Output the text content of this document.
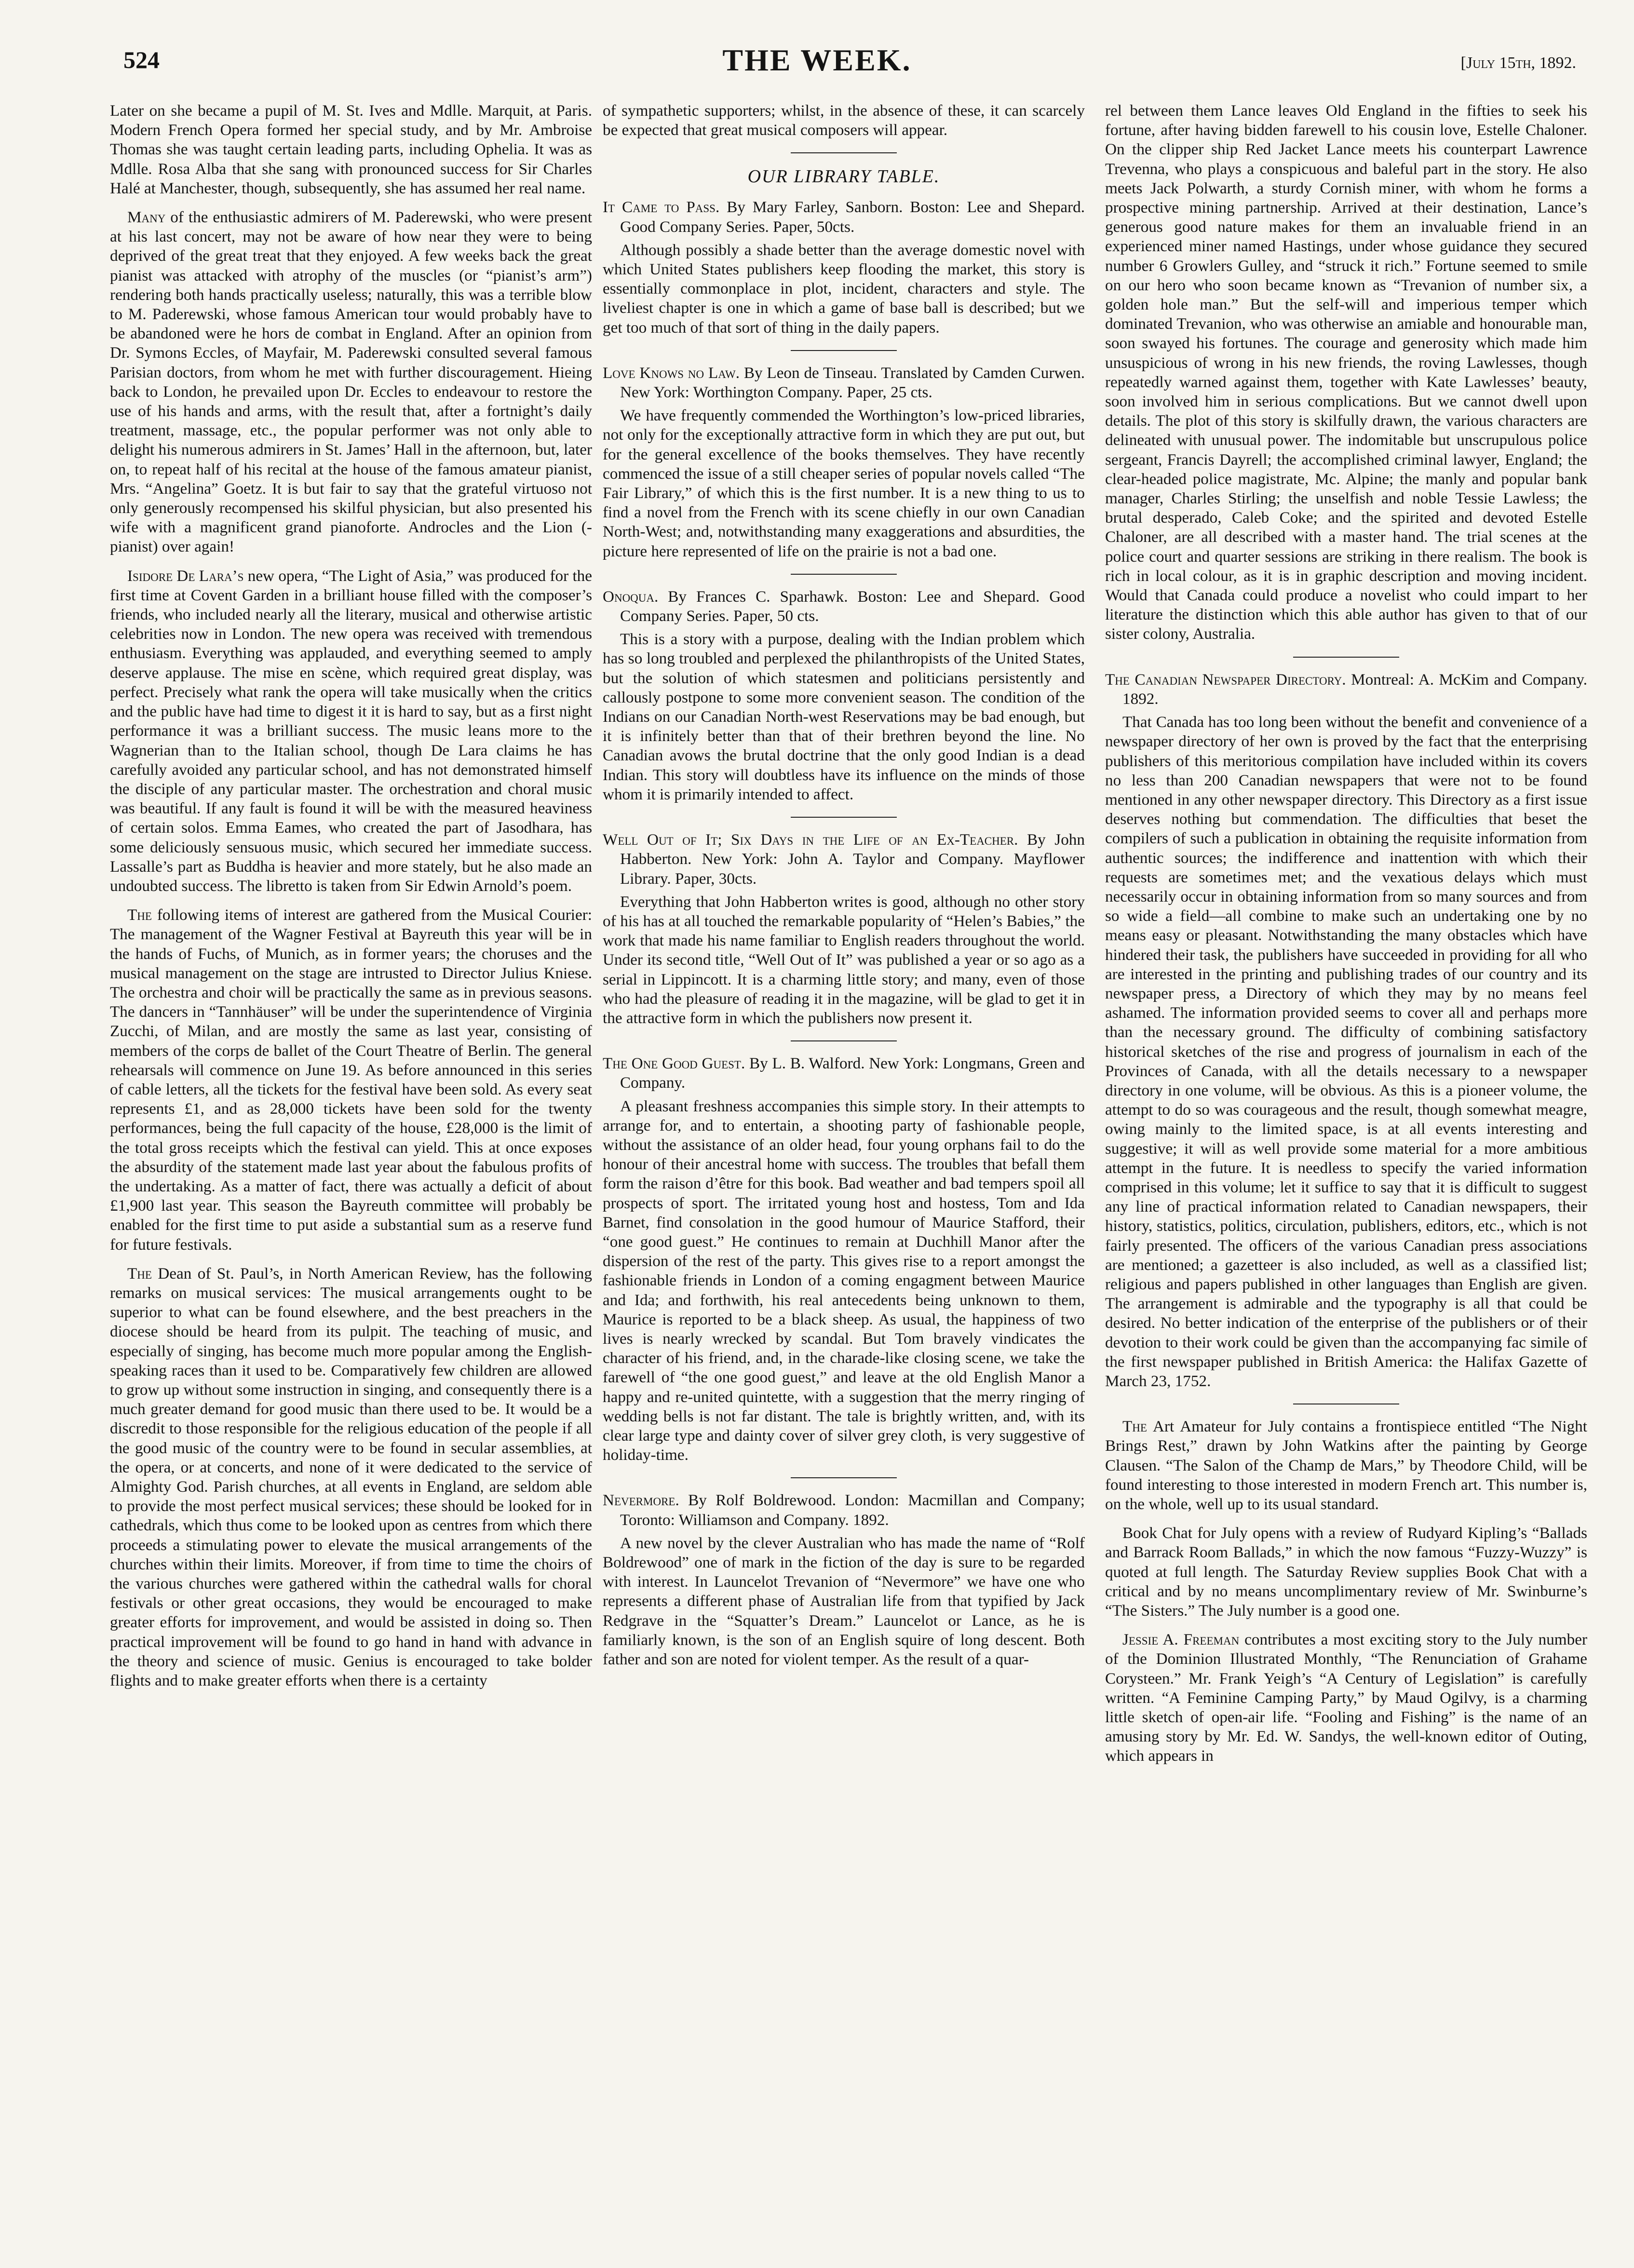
524	THE WEEK.	[July 15th, 1892.

Later on she became a pupil of M. St. Ives and Mdlle. Marquit, at Paris. Modern French Opera formed her special study, and by Mr. Ambroise Thomas she was taught certain leading parts, including Ophelia. It was as Mdlle. Rosa Alba that she sang with pronounced success for Sir Charles Halé at Manchester, though, subsequently, she has assumed her real name.

Many of the enthusiastic admirers of M. Paderewski, who were present at his last concert, may not be aware of how near they were to being deprived of the great treat that they enjoyed. A few weeks back the great pianist was attacked with atrophy of the muscles (or “pianist’s arm”) rendering both hands practically useless; naturally, this was a terrible blow to M. Paderewski, whose famous American tour would probably have to be abandoned were he hors de combat in England. After an opinion from Dr. Symons Eccles, of Mayfair, M. Paderewski consulted several famous Parisian doctors, from whom he met with further discouragement. Hieing back to London, he prevailed upon Dr. Eccles to endeavour to restore the use of his hands and arms, with the result that, after a fortnight’s daily treatment, massage, etc., the popular performer was not only able to delight his numerous admirers in St. James’ Hall in the afternoon, but, later on, to repeat half of his recital at the house of the famous amateur pianist, Mrs. “Angelina” Goetz. It is but fair to say that the grateful virtuoso not only generously recompensed his skilful physician, but also presented his wife with a magnificent grand pianoforte. Androcles and the Lion (-pianist) over again!

Isidore De Lara’s new opera, “The Light of Asia,” was produced for the first time at Covent Garden in a brilliant house filled with the composer’s friends, who included nearly all the literary, musical and otherwise artistic celebrities now in London. The new opera was received with tremendous enthusiasm. Everything was applauded, and everything seemed to amply deserve applause. The mise en scène, which required great display, was perfect. Precisely what rank the opera will take musically when the critics and the public have had time to digest it it is hard to say, but as a first night performance it was a brilliant success. The music leans more to the Wagnerian than to the Italian school, though De Lara claims he has carefully avoided any particular school, and has not demonstrated himself the disciple of any particular master. The orchestration and choral music was beautiful. If any fault is found it will be with the measured heaviness of certain solos. Emma Eames, who created the part of Jasodhara, has some deliciously sensuous music, which secured her immediate success. Lassalle’s part as Buddha is heavier and more stately, but he also made an undoubted success. The libretto is taken from Sir Edwin Arnold’s poem.

The following items of interest are gathered from the Musical Courier: The management of the Wagner Festival at Bayreuth this year will be in the hands of Fuchs, of Munich, as in former years; the choruses and the musical management on the stage are intrusted to Director Julius Kniese. The orchestra and choir will be practically the same as in previous seasons. The dancers in “Tannhäuser” will be under the superintendence of Virginia Zucchi, of Milan, and are mostly the same as last year, consisting of members of the corps de ballet of the Court Theatre of Berlin. The general rehearsals will commence on June 19. As before announced in this series of cable letters, all the tickets for the festival have been sold. As every seat represents £1, and as 28,000 tickets have been sold for the twenty performances, being the full capacity of the house, £28,000 is the limit of the total gross receipts which the festival can yield. This at once exposes the absurdity of the statement made last year about the fabulous profits of the undertaking. As a matter of fact, there was actually a deficit of about £1,900 last year. This season the Bayreuth committee will probably be enabled for the first time to put aside a substantial sum as a reserve fund for future festivals.

The Dean of St. Paul’s, in North American Review, has the following remarks on musical services: The musical arrangements ought to be superior to what can be found elsewhere, and the best preachers in the diocese should be heard from its pulpit. The teaching of music, and especially of singing, has become much more popular among the English-speaking races than it used to be. Comparatively few children are allowed to grow up without some instruction in singing, and consequently there is a much greater demand for good music than there used to be. It would be a discredit to those responsible for the religious education of the people if all the good music of the country were to be found in secular assemblies, at the opera, or at concerts, and none of it were dedicated to the service of Almighty God. Parish churches, at all events in England, are seldom able to provide the most perfect musical services; these should be looked for in cathedrals, which thus come to be looked upon as centres from which there proceeds a stimulating power to elevate the musical arrangements of the churches within their limits. Moreover, if from time to time the choirs of the various churches were gathered within the cathedral walls for choral festivals or other great occasions, they would be encouraged to make greater efforts for improvement, and would be assisted in doing so. Then practical improvement will be found to go hand in hand with advance in the theory and science of music. Genius is encouraged to take bolder flights and to make greater efforts when there is a certainty

of sympathetic supporters; whilst, in the absence of these, it can scarcely be expected that great musical composers will appear.

OUR LIBRARY TABLE.
It Came to Pass. By Mary Farley, Sanborn. Boston: Lee and Shepard. Good Company Series. Paper, 50cts.
Although possibly a shade better than the average domestic novel with which United States publishers keep flooding the market, this story is essentially commonplace in plot, incident, characters and style. The liveliest chapter is one in which a game of base ball is described; but we get too much of that sort of thing in the daily papers.
Love Knows no Law. By Leon de Tinseau. Translated by Camden Curwen. New York: Worthington Company. Paper, 25 cts.
We have frequently commended the Worthington’s low-priced libraries, not only for the exceptionally attractive form in which they are put out, but for the general excellence of the books themselves. They have recently commenced the issue of a still cheaper series of popular novels called “The Fair Library,” of which this is the first number. It is a new thing to us to find a novel from the French with its scene chiefly in our own Canadian North-West; and, notwithstanding many exaggerations and absurdities, the picture here represented of life on the prairie is not a bad one.
Onoqua. By Frances C. Sparhawk. Boston: Lee and Shepard. Good Company Series. Paper, 50 cts.
This is a story with a purpose, dealing with the Indian problem which has so long troubled and perplexed the philanthropists of the United States, but the solution of which statesmen and politicians persistently and callously postpone to some more convenient season. The condition of the Indians on our Canadian North-west Reservations may be bad enough, but it is infinitely better than that of their brethren beyond the line. No Canadian avows the brutal doctrine that the only good Indian is a dead Indian. This story will doubtless have its influence on the minds of those whom it is primarily intended to affect.
Well Out of It; Six Days in the Life of an Ex-Teacher. By John Habberton. New York: John A. Taylor and Company. Mayflower Library. Paper, 30cts.
Everything that John Habberton writes is good, although no other story of his has at all touched the remarkable popularity of “Helen’s Babies,” the work that made his name familiar to English readers throughout the world. Under its second title, “Well Out of It” was published a year or so ago as a serial in Lippincott. It is a charming little story; and many, even of those who had the pleasure of reading it in the magazine, will be glad to get it in the attractive form in which the publishers now present it.
The One Good Guest. By L. B. Walford. New York: Longmans, Green and Company.
A pleasant freshness accompanies this simple story. In their attempts to arrange for, and to entertain, a shooting party of fashionable people, without the assistance of an older head, four young orphans fail to do the honour of their ancestral home with success. The troubles that befall them form the raison d’être for this book. Bad weather and bad tempers spoil all prospects of sport. The irritated young host and hostess, Tom and Ida Barnet, find consolation in the good humour of Maurice Stafford, their “one good guest.” He continues to remain at Duchhill Manor after the dispersion of the rest of the party. This gives rise to a report amongst the fashionable friends in London of a coming engagment between Maurice and Ida; and forthwith, his real antecedents being unknown to them, Maurice is reported to be a black sheep. As usual, the happiness of two lives is nearly wrecked by scandal. But Tom bravely vindicates the character of his friend, and, in the charade-like closing scene, we take the farewell of “the one good guest,” and leave at the old English Manor a happy and re-united quintette, with a suggestion that the merry ringing of wedding bells is not far distant. The tale is brightly written, and, with its clear large type and dainty cover of silver grey cloth, is very suggestive of holiday-time.
Nevermore. By Rolf Boldrewood. London: Macmillan and Company; Toronto: Williamson and Company. 1892.
A new novel by the clever Australian who has made the name of “Rolf Boldrewood” one of mark in the fiction of the day is sure to be regarded with interest. In Launcelot Trevanion of “Nevermore” we have one who represents a different phase of Australian life from that typified by Jack Redgrave in the “Squatter’s Dream.” Launcelot or Lance, as he is familiarly known, is the son of an English squire of long descent. Both father and son are noted for violent temper. As the result of a quar-

rel between them Lance leaves Old England in the fifties to seek his fortune, after having bidden farewell to his cousin love, Estelle Chaloner. On the clipper ship Red Jacket Lance meets his counterpart Lawrence Trevenna, who plays a conspicuous and baleful part in the story. He also meets Jack Polwarth, a sturdy Cornish miner, with whom he forms a prospective mining partnership. Arrived at their destination, Lance’s generous good nature makes for them an invaluable friend in an experienced miner named Hastings, under whose guidance they secured number 6 Growlers Gulley, and “struck it rich.” Fortune seemed to smile on our hero who soon became known as “Trevanion of number six, a golden hole man.” But the self-will and imperious temper which dominated Trevanion, who was otherwise an amiable and honourable man, soon swayed his fortunes. The courage and generosity which made him unsuspicious of wrong in his new friends, the roving Lawlesses, though repeatedly warned against them, together with Kate Lawlesses’ beauty, soon involved him in serious complications. But we cannot dwell upon details. The plot of this story is skilfully drawn, the various characters are delineated with unusual power. The indomitable but unscrupulous police sergeant, Francis Dayrell; the accomplished criminal lawyer, England; the clear-headed police magistrate, Mc. Alpine; the manly and popular bank manager, Charles Stirling; the unselfish and noble Tessie Lawless; the brutal desperado, Caleb Coke; and the spirited and devoted Estelle Chaloner, are all described with a master hand. The trial scenes at the police court and quarter sessions are striking in there realism. The book is rich in local colour, as it is in graphic description and moving incident. Would that Canada could produce a novelist who could impart to her literature the distinction which this able author has given to that of our sister colony, Australia.

The Canadian Newspaper Directory. Montreal: A. McKim and Company. 1892.
That Canada has too long been without the benefit and convenience of a newspaper directory of her own is proved by the fact that the enterprising publishers of this meritorious compilation have included within its covers no less than 200 Canadian newspapers that were not to be found mentioned in any other newspaper directory. This Directory as a first issue deserves nothing but commendation. The difficulties that beset the compilers of such a publication in obtaining the requisite information from authentic sources; the indifference and inattention with which their requests are sometimes met; and the vexatious delays which must necessarily occur in obtaining information from so many sources and from so wide a field—all combine to make such an undertaking one by no means easy or pleasant. Notwithstanding the many obstacles which have hindered their task, the publishers have succeeded in providing for all who are interested in the printing and publishing trades of our country and its newspaper press, a Directory of which they may by no means feel ashamed. The information provided seems to cover all and perhaps more than the necessary ground. The difficulty of combining satisfactory historical sketches of the rise and progress of journalism in each of the Provinces of Canada, with all the details necessary to a newspaper directory in one volume, will be obvious. As this is a pioneer volume, the attempt to do so was courageous and the result, though somewhat meagre, owing mainly to the limited space, is at all events interesting and suggestive; it will as well provide some material for a more ambitious attempt in the future. It is needless to specify the varied information comprised in this volume; let it suffice to say that it is difficult to suggest any line of practical information related to Canadian newspapers, their history, statistics, politics, circulation, publishers, editors, etc., which is not fairly presented. The officers of the various Canadian press associations are mentioned; a gazetteer is also included, as well as a classified list; religious and papers published in other languages than English are given. The arrangement is admirable and the typography is all that could be desired. No better indication of the enterprise of the publishers or of their devotion to their work could be given than the accompanying fac simile of the first newspaper published in British America: the Halifax Gazette of March 23, 1752.

The Art Amateur for July contains a frontispiece entitled “The Night Brings Rest,” drawn by John Watkins after the painting by George Clausen. “The Salon of the Champ de Mars,” by Theodore Child, will be found interesting to those interested in modern French art. This number is, on the whole, well up to its usual standard.

Book Chat for July opens with a review of Rudyard Kipling’s “Ballads and Barrack Room Ballads,” in which the now famous “Fuzzy-Wuzzy” is quoted at full length. The Saturday Review supplies Book Chat with a critical and by no means uncomplimentary review of Mr. Swinburne’s “The Sisters.” The July number is a good one.

Jessie A. Freeman contributes a most exciting story to the July number of the Dominion Illustrated Monthly, “The Renunciation of Grahame Corysteen.” Mr. Frank Yeigh’s “A Century of Legislation” is carefully written. “A Feminine Camping Party,” by Maud Ogilvy, is a charming little sketch of open-air life. “Fooling and Fishing” is the name of an amusing story by Mr. Ed. W. Sandys, the well-known editor of Outing, which appears in
